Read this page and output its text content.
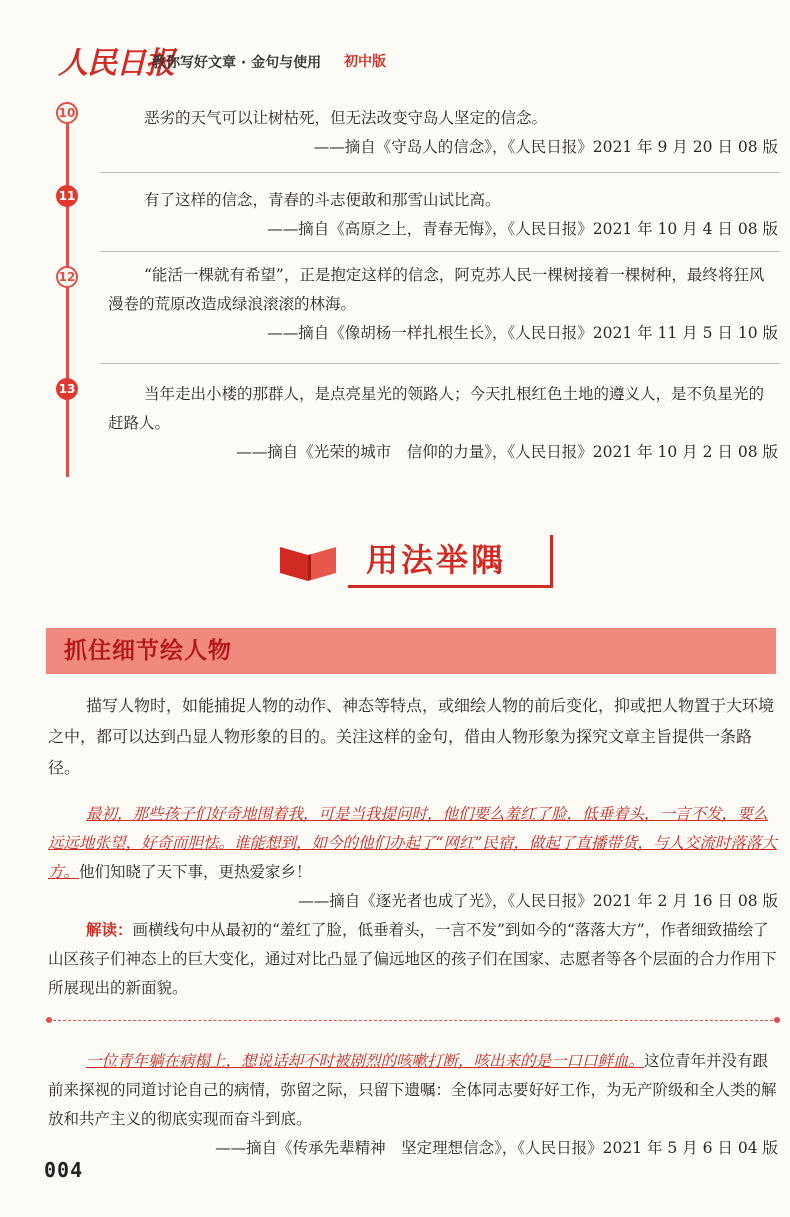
人民日报
教你写好文章 · 金句与使用 初中版
10	恶劣的天气可以让树枯死，但无法改变守岛人坚定的信念。
——摘自《守岛人的信念》，《人民日报》2021 年 9 月 20 日 08 版
11	有了这样的信念，青春的斗志便敢和那雪山试比高。
——摘自《高原之上，青春无悔》，《人民日报》2021 年 10 月 4 日 08 版
12	“能活一棵就有希望”，正是抱定这样的信念，阿克苏人民一棵树接着一棵树种，最终将狂风漫卷的荒原改造成绿浪滚滚的林海。
——摘自《像胡杨一样扎根生长》，《人民日报》2021 年 11 月 5 日 10 版
13	当年走出小楼的那群人，是点亮星光的领路人；今天扎根红色土地的遵义人，是不负星光的赶路人。
——摘自《光荣的城市　信仰的力量》，《人民日报》2021 年 10 月 2 日 08 版
用法举隅
抓住细节绘人物
描写人物时，如能捕捉人物的动作、神态等特点，或细绘人物的前后变化，抑或把人物置于大环境之中，都可以达到凸显人物形象的目的。关注这样的金句，借由人物形象为探究文章主旨提供一条路径。
最初，那些孩子们好奇地围着我，可是当我提问时，他们要么羞红了脸，低垂着头，一言不发，要么远远地张望，好奇而胆怯。谁能想到，如今的他们办起了“网红”民宿，做起了直播带货，与人交流时落落大方。他们知晓了天下事，更热爱家乡！
——摘自《逐光者也成了光》，《人民日报》2021 年 2 月 16 日 08 版
解读：画横线句中从最初的“羞红了脸，低垂着头，一言不发”到如今的“落落大方”，作者细致描绘了山区孩子们神态上的巨大变化，通过对比凸显了偏远地区的孩子们在国家、志愿者等各个层面的合力作用下所展现出的新面貌。
一位青年躺在病榻上，想说话却不时被剧烈的咳嗽打断，咳出来的是一口口鲜血。这位青年并没有跟前来探视的同道讨论自己的病情，弥留之际，只留下遗嘱：全体同志要好好工作，为无产阶级和全人类的解放和共产主义的彻底实现而奋斗到底。
——摘自《传承先辈精神　坚定理想信念》，《人民日报》2021 年 5 月 6 日 04 版
004
